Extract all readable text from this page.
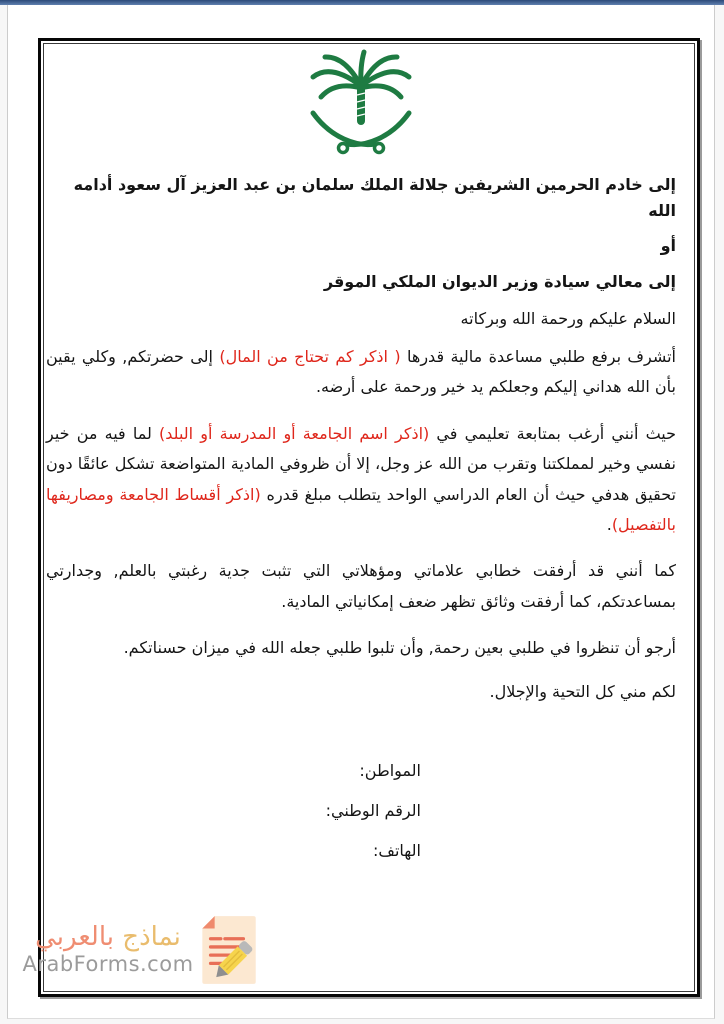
إلى خادم الحرمين الشريفين جلالة الملك سلمان بن عبد العزيز آل سعود أدامه الله
أو
إلى معالي سيادة وزير الديوان الملكي الموقر
السلام عليكم ورحمة الله وبركاته

أتشرف برفع طلبي مساعدة مالية قدرها ( اذكر كم تحتاج من المال) إلى حضرتكم, وكلي يقين بأن الله هداني إليكم وجعلكم يد خير ورحمة على أرضه.

حيث أنني أرغب بمتابعة تعليمي في (اذكر اسم الجامعة أو المدرسة أو البلد) لما فيه من خير نفسي وخير لمملكتنا وتقرب من الله عز وجل، إلا أن ظروفي المادية المتواضعة تشكل عائقًا دون تحقيق هدفي حيث أن العام الدراسي الواحد يتطلب مبلغ قدره (اذكر أقساط الجامعة ومصاريفها بالتفصيل).

كما أنني قد أرفقت خطابي علاماتي ومؤهلاتي التي تثبت جدية رغبتي بالعلم, وجدارتي بمساعدتكم، كما أرفقت وثائق تظهر ضعف إمكانياتي المادية.

أرجو أن تنظروا في طلبي بعين رحمة, وأن تلبوا طلبي جعله الله في ميزان حسناتكم.

لكم مني كل التحية والإجلال.
المواطن:
الرقم الوطني:
الهاتف:
نماذج بالعربي
ArabForms.com
